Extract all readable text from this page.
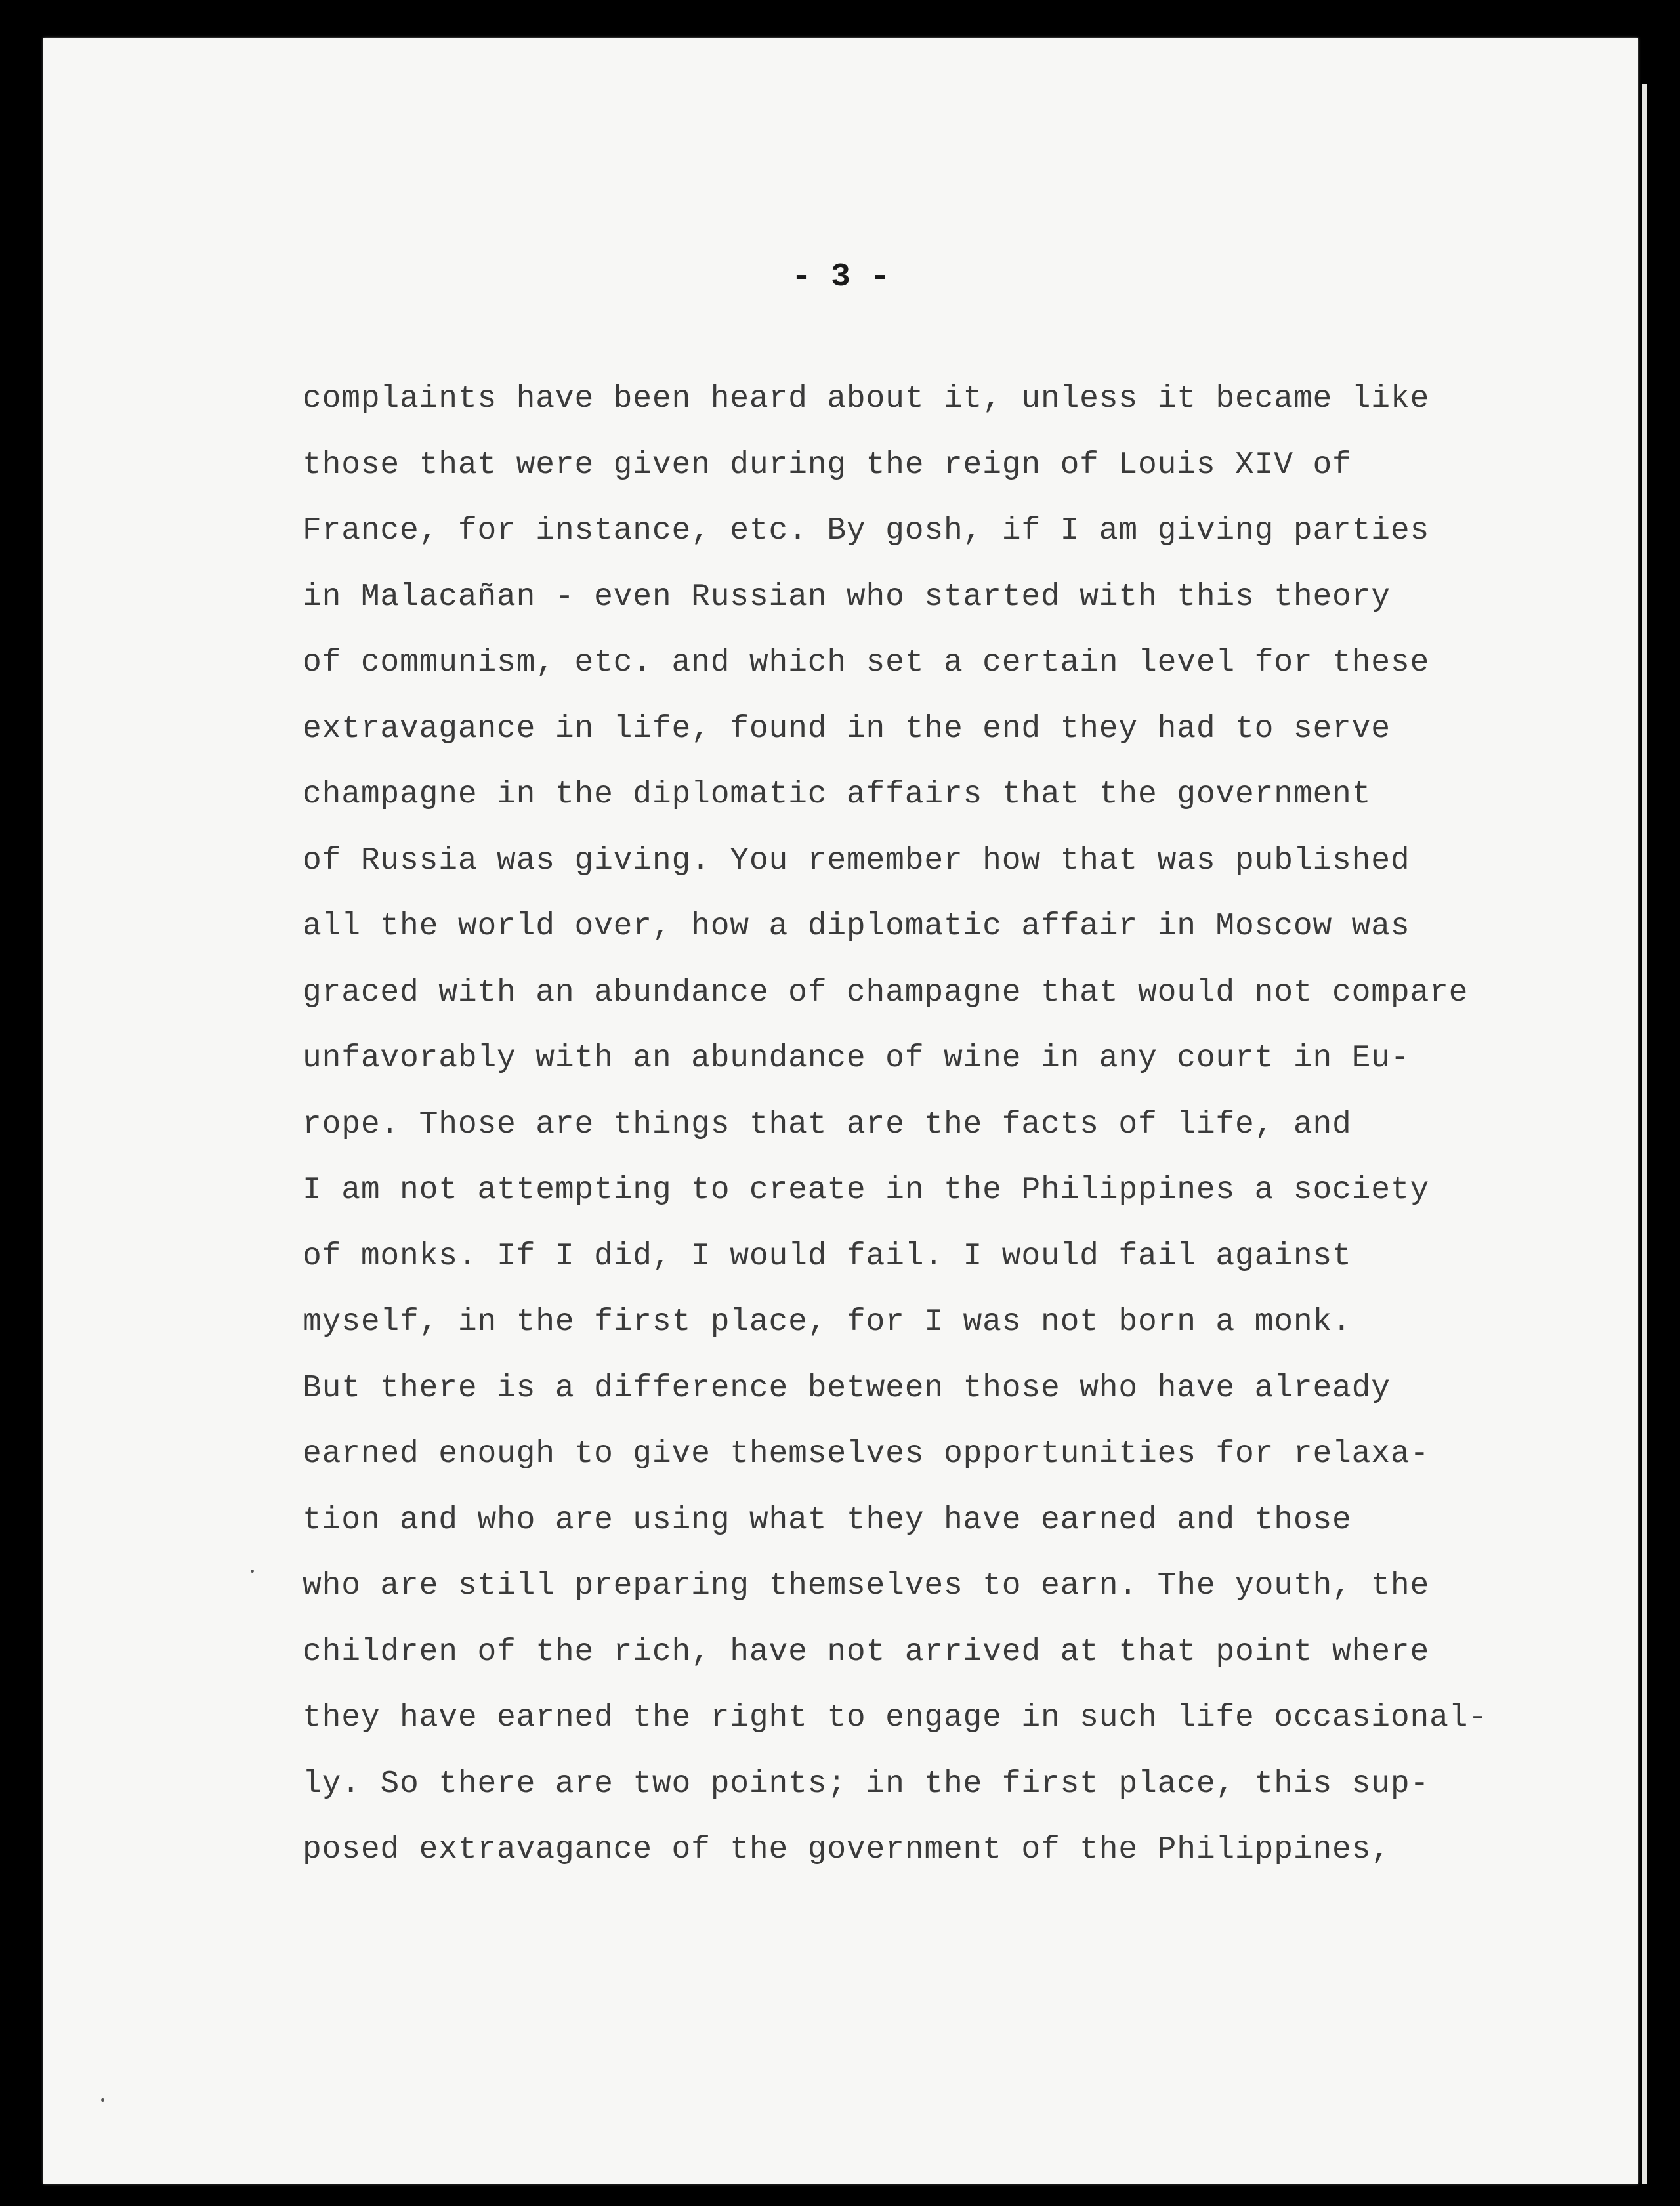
- 3 -

complaints have been heard about it, unless it became like
those that were given during the reign of Louis XIV of
France, for instance, etc. By gosh, if I am giving parties
in Malacañan - even Russian who started with this theory
of communism, etc. and which set a certain level for these
extravagance in life, found in the end they had to serve
champagne in the diplomatic affairs that the government
of Russia was giving. You remember how that was published
all the world over, how a diplomatic affair in Moscow was
graced with an abundance of champagne that would not compare
unfavorably with an abundance of wine in any court in Eu-
rope. Those are things that are the facts of life, and
I am not attempting to create in the Philippines a society
of monks. If I did, I would fail. I would fail against
myself, in the first place, for I was not born a monk.
But there is a difference between those who have already
earned enough to give themselves opportunities for relaxa-
tion and who are using what they have earned and those
who are still preparing themselves to earn. The youth, the
children of the rich, have not arrived at that point where
they have earned the right to engage in such life occasional-
ly. So there are two points; in the first place, this sup-
posed extravagance of the government of the Philippines,
